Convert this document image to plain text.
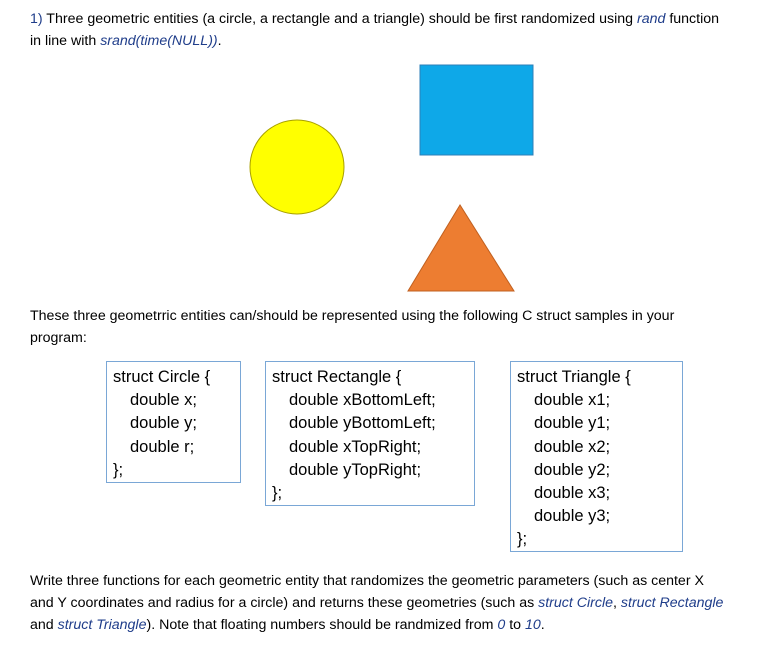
1) Three geometric entities (a circle, a rectangle and a triangle) should be first randomized using rand function
in line with srand(time(NULL)).
These three geometrric entities can/should be represented using the following C struct samples in your
program:
struct Circle {
double x;
double y;
double r;
};
struct Rectangle {
double xBottomLeft;
double yBottomLeft;
double xTopRight;
double yTopRight;
};
struct Triangle {
double x1;
double y1;
double x2;
double y2;
double x3;
double y3;
};
Write three functions for each geometric entity that randomizes the geometric parameters (such as center X
and Y coordinates and radius for a circle) and returns these geometries (such as struct Circle, struct Rectangle
and struct Triangle). Note that floating numbers should be randmized from 0 to 10.
